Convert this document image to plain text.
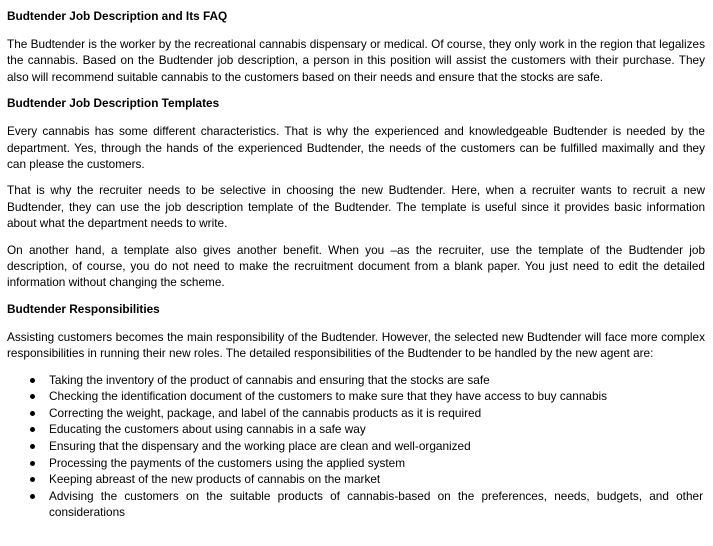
Budtender Job Description and Its FAQ

The Budtender is the worker by the recreational cannabis dispensary or medical. Of course, they only work in the region that legalizes the cannabis. Based on the Budtender job description, a person in this position will assist the customers with their purchase. They also will recommend suitable cannabis to the customers based on their needs and ensure that the stocks are safe.

Budtender Job Description Templates

Every cannabis has some different characteristics. That is why the experienced and knowledgeable Budtender is needed by the department. Yes, through the hands of the experienced Budtender, the needs of the customers can be fulfilled maximally and they can please the customers.

That is why the recruiter needs to be selective in choosing the new Budtender. Here, when a recruiter wants to recruit a new Budtender, they can use the job description template of the Budtender. The template is useful since it provides basic information about what the department needs to write.

On another hand, a template also gives another benefit. When you –as the recruiter, use the template of the Budtender job description, of course, you do not need to make the recruitment document from a blank paper. You just need to edit the detailed information without changing the scheme.

Budtender Responsibilities

Assisting customers becomes the main responsibility of the Budtender. However, the selected new Budtender will face more complex responsibilities in running their new roles. The detailed responsibilities of the Budtender to be handled by the new agent are:

Taking the inventory of the product of cannabis and ensuring that the stocks are safe
Checking the identification document of the customers to make sure that they have access to buy cannabis
Correcting the weight, package, and label of the cannabis products as it is required
Educating the customers about using cannabis in a safe way
Ensuring that the dispensary and the working place are clean and well-organized
Processing the payments of the customers using the applied system
Keeping abreast of the new products of cannabis on the market
Advising the customers on the suitable products of cannabis-based on the preferences, needs, budgets, and other considerations
